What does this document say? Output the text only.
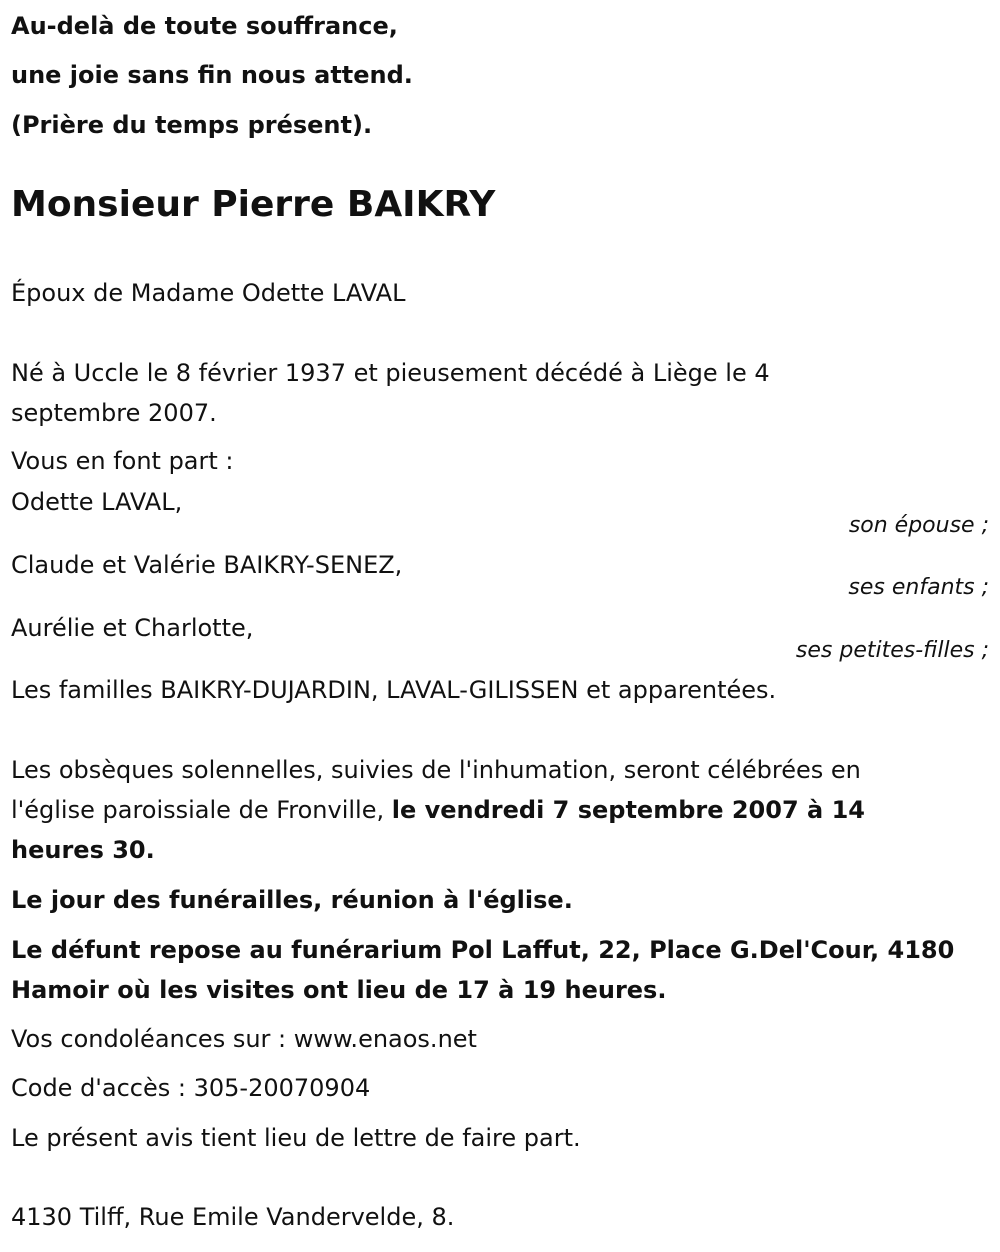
Au-delà de toute souffrance,
une joie sans fin nous attend.
(Prière du temps présent).
Monsieur Pierre BAIKRY
Époux de Madame Odette LAVAL
Né à Uccle le 8 février 1937 et pieusement décédé à Liège le 4
septembre 2007.
Vous en font part :
Odette LAVAL,
son épouse ;
Claude et Valérie BAIKRY-SENEZ,
ses enfants ;
Aurélie et Charlotte,
ses petites-filles ;
Les familles BAIKRY-DUJARDIN, LAVAL-GILISSEN et apparentées.
Les obsèques solennelles, suivies de l'inhumation, seront célébrées en
l'église paroissiale de Fronville, le vendredi 7 septembre 2007 à 14
heures 30.
Le jour des funérailles, réunion à l'église.
Le défunt repose au funérarium Pol Laffut, 22, Place G.Del'Cour, 4180
Hamoir où les visites ont lieu de 17 à 19 heures.
Vos condoléances sur : www.enaos.net
Code d'accès : 305-20070904
Le présent avis tient lieu de lettre de faire part.
4130 Tilff, Rue Emile Vandervelde, 8.
